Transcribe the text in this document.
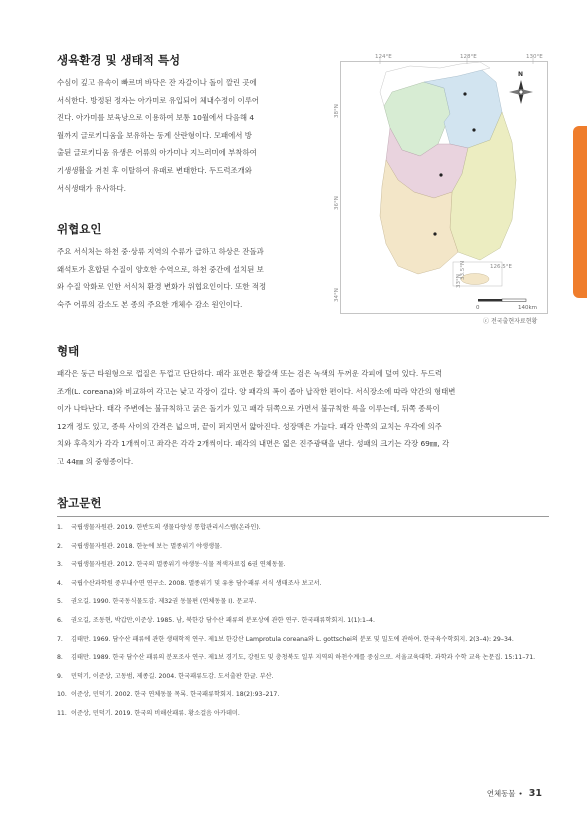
생육환경 및 생태적 특성

수심이 깊고 유속이 빠르며 바닥은 잔 자갈이나 돌이 깔린 곳에

서식한다. 방정된 정자는 아가미로 유입되어 체내수정이 이루어

진다. 아가미를 보육낭으로 이용하여 보통 10월에서 다음해 4

월까지 글로키디움을 보유하는 동계 산란형이다. 모패에서 방

출된 글로키디움 유생은 어류의 아가미나 지느러미에 부착하여

기생생활을 거친 후 이탈하여 유패로 변태한다. 두드럭조개와

서식생태가 유사하다.

위협요인

주요 서식처는 하천 중·상류 지역의 수류가 급하고 하상은 잔돌과

왜석토가 혼합된 수질이 양호한 수역으로, 하천 중간에 설치된 보

와 수질 악화로 인한 서식처 환경 변화가 위협요인이다. 또한 적정

숙주 어류의 감소도 본 종의 주요한 개체수 감소 원인이다.

124°E	128°E	130°E
38°N
36°N
34°N
126.5°E
33.5°N
33°N
N
0	140km
ⓒ 전국출현자료현황
형태

패각은 둥근 타원형으로 껍질은 두껍고 단단하다. 패각 표면은 황갈색 또는 검은 녹색의 두꺼운 각피에 덮여 있다. 두드럭

조개(L. coreana)와 비교하여 각고는 낮고 각장이 길다. 양 패각의 폭이 좁아 납작한 편이다. 서식장소에 따라 약간의 형태변

이가 나타난다. 태각 주변에는 불규칙하고 굵은 돌기가 있고 패각 뒤쪽으로 가면서 불규칙한 륵을 이루는데, 뒤쪽 종륵이

12개 정도 있고, 종륵 사이의 간격은 넓으며, 끝이 퍼지면서 얇아진다. 성장맥은 가늘다. 패각 안쪽의 교치는 우각에 의주

치와 후측치가 각각 1개씩이고 좌각은 각각 2개씩이다. 패각의 내면은 엷은 진주광택을 낸다. 성패의 크기는 각장 69㎜, 각

고 44㎜ 의 중형종이다.

참고문헌
1. 국립생물자원관. 2019. 한반도의 생물다양성 통합관리시스템(온라인).
2. 국립생물자원관. 2018. 한눈에 보는 멸종위기 야생생물.
3. 국립생물자원관. 2012. 한국의 멸종위기 야생동·식물 적색자료집 6권 연체동물.
4. 국립수산과학원 중부내수면 연구소. 2008. 멸종위기 및 유용 담수패류 서식 생태조사 보고서.
5. 권오길. 1990. 한국동식물도감. 제32권 동물편 (연체동물 Ⅰ). 문교부.
6. 권오길, 조동현, 박갑만,이준상. 1985. 남, 북한강 담수산 패류의 분포상에 관한 연구. 한국패류학회지. 1(1):1–4.
7. 김태만. 1969. 담수산 패류에 관한 생태학적 연구. 제1보 한강산 Lamprotula coreana와 L. gottschei의 분포 및 밀도에 관하여. 한국육수학회지. 2(3–4): 29–34.
8. 김태만. 1989. 한국 담수산 패류의 분포조사 연구. 제1보 경기도, 강원도 및 충청북도 일부 지역의 하천수계를 중심으로. 서울교육대학. 과학과 수학 교육 논문집. 15:11–71.
9. 민덕기, 이준상, 고동범, 제종길. 2004. 한국패류도감. 도서출판 한글. 부산.
10. 이준상, 민덕기. 2002. 한국 연체동물 목록. 한국패류학회지. 18(2):93–217.
11. 이준상, 민덕기. 2019. 한국의 비해산패류. 황소걸음 아카데미.
연체동물 • 31
